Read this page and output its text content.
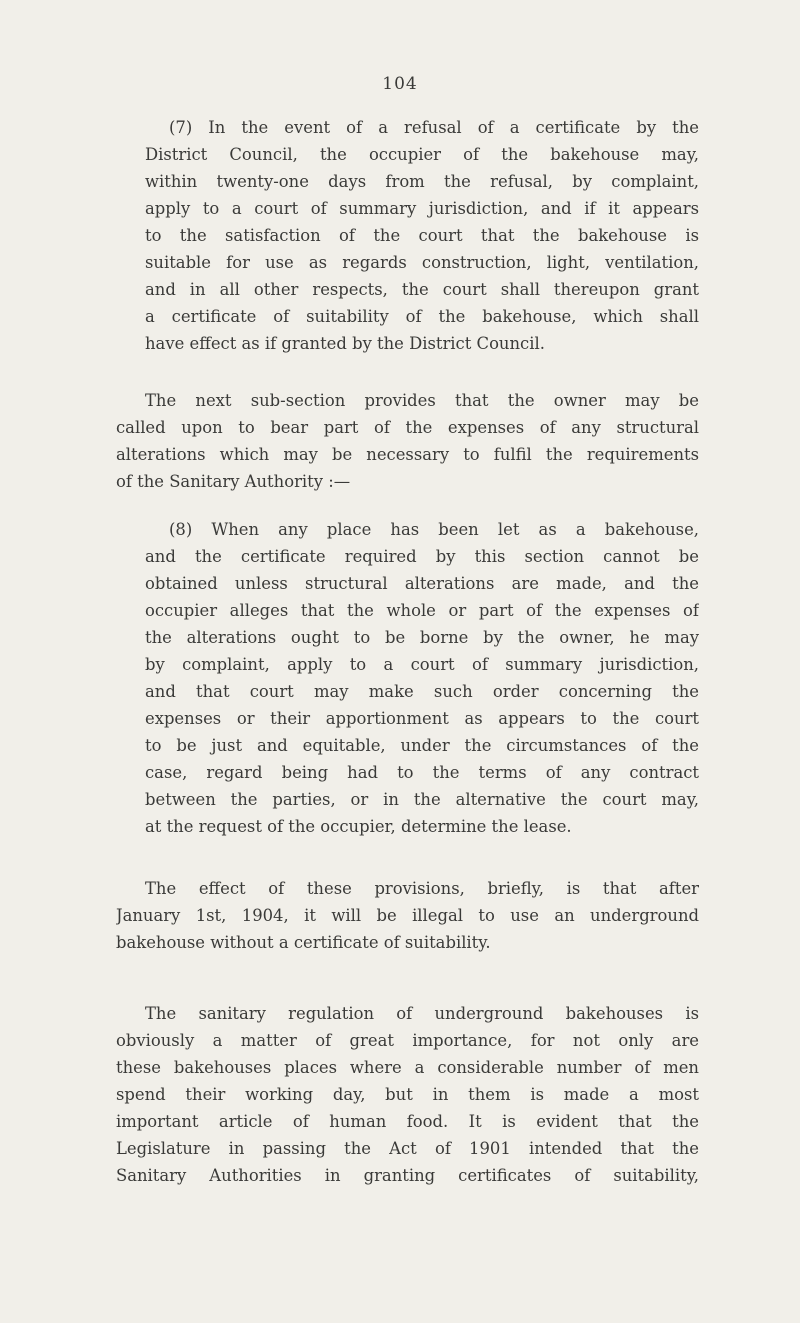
104
(7) In the event of a refusal of a certificate by the
District Council, the occupier of the bakehouse may,
within twenty-one days from the refusal, by complaint,
apply to a court of summary jurisdiction, and if it appears
to the satisfaction of the court that the bakehouse is
suitable for use as regards construction, light, ventilation,
and in all other respects, the court shall thereupon grant
a certificate of suitability of the bakehouse, which shall
have effect as if granted by the District Council.
The next sub-section provides that the owner may be
called upon to bear part of the expenses of any structural
alterations which may be necessary to fulfil the requirements
of the Sanitary Authority :—
(8) When any place has been let as a bakehouse,
and the certificate required by this section cannot be
obtained unless structural alterations are made, and the
occupier alleges that the whole or part of the expenses of
the alterations ought to be borne by the owner, he may
by complaint, apply to a court of summary jurisdiction,
and that court may make such order concerning the
expenses or their apportionment as appears to the court
to be just and equitable, under the circumstances of the
case, regard being had to the terms of any contract
between the parties, or in the alternative the court may,
at the request of the occupier, determine the lease.
The effect of these provisions, briefly, is that after
January 1st, 1904, it will be illegal to use an underground
bakehouse without a certificate of suitability.
The sanitary regulation of underground bakehouses is
obviously a matter of great importance, for not only are
these bakehouses places where a considerable number of men
spend their working day, but in them is made a most
important article of human food. It is evident that the
Legislature in passing the Act of 1901 intended that the
Sanitary Authorities in granting certificates of suitability,
